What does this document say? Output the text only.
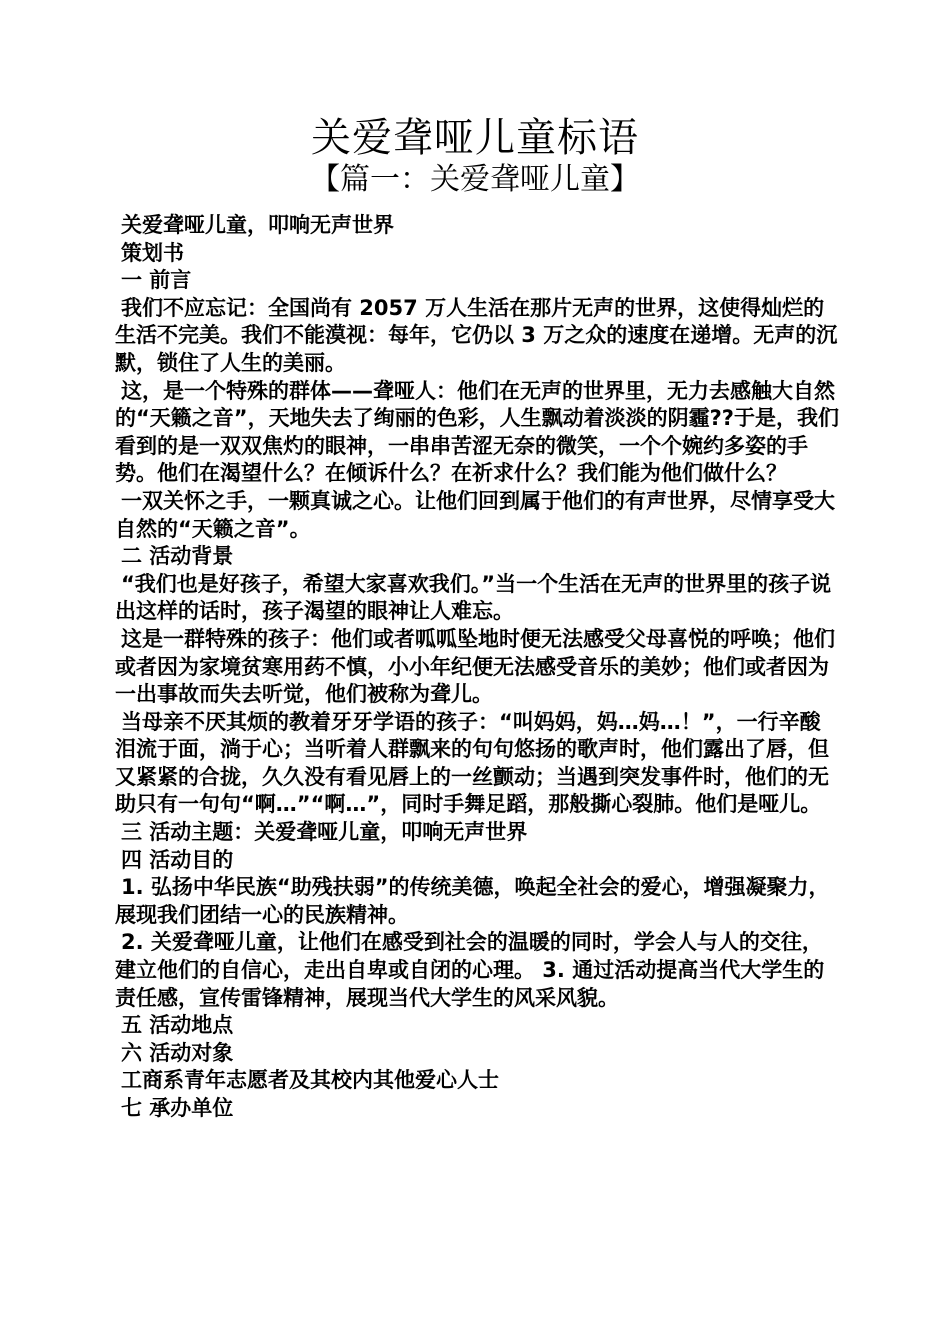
关爱聋哑儿童标语
【篇一：关爱聋哑儿童】

关爱聋哑儿童，叩响无声世界

策划书

一 前言

我们不应忘记：全国尚有 2057 万人生活在那片无声的世界，这使得灿烂的生活不完美。我们不能漠视：每年，它仍以 3 万之众的速度在递增。无声的沉默，锁住了人生的美丽。

这，是一个特殊的群体——聋哑人：他们在无声的世界里，无力去感触大自然的“天籁之音”，天地失去了绚丽的色彩，人生飘动着淡淡的阴霾??于是，我们看到的是一双双焦灼的眼神，一串串苦涩无奈的微笑，一个个婉约多姿的手势。他们在渴望什么？在倾诉什么？在祈求什么？我们能为他们做什么？

一双关怀之手，一颗真诚之心。让他们回到属于他们的有声世界，尽情享受大自然的“天籁之音”。

二 活动背景

“我们也是好孩子，希望大家喜欢我们。”当一个生活在无声的世界里的孩子说出这样的话时，孩子渴望的眼神让人难忘。

这是一群特殊的孩子：他们或者呱呱坠地时便无法感受父母喜悦的呼唤；他们或者因为家境贫寒用药不慎，小小年纪便无法感受音乐的美妙；他们或者因为一出事故而失去听觉，他们被称为聋儿。

当母亲不厌其烦的教着牙牙学语的孩子：“叫妈妈，妈…妈…！”，一行辛酸泪流于面，淌于心；当听着人群飘来的句句悠扬的歌声时，他们露出了唇，但又紧紧的合拢，久久没有看见唇上的一丝颤动；当遇到突发事件时，他们的无助只有一句句“啊…”“啊…”，同时手舞足蹈，那般撕心裂肺。他们是哑儿。

三 活动主题：关爱聋哑儿童，叩响无声世界

四 活动目的

1. 弘扬中华民族“助残扶弱”的传统美德，唤起全社会的爱心，增强凝聚力，展现我们团结一心的民族精神。

2. 关爱聋哑儿童，让他们在感受到社会的温暖的同时，学会人与人的交往，建立他们的自信心，走出自卑或自闭的心理。 3. 通过活动提高当代大学生的责任感，宣传雷锋精神，展现当代大学生的风采风貌。

五 活动地点

六 活动对象

工商系青年志愿者及其校内其他爱心人士

七 承办单位
